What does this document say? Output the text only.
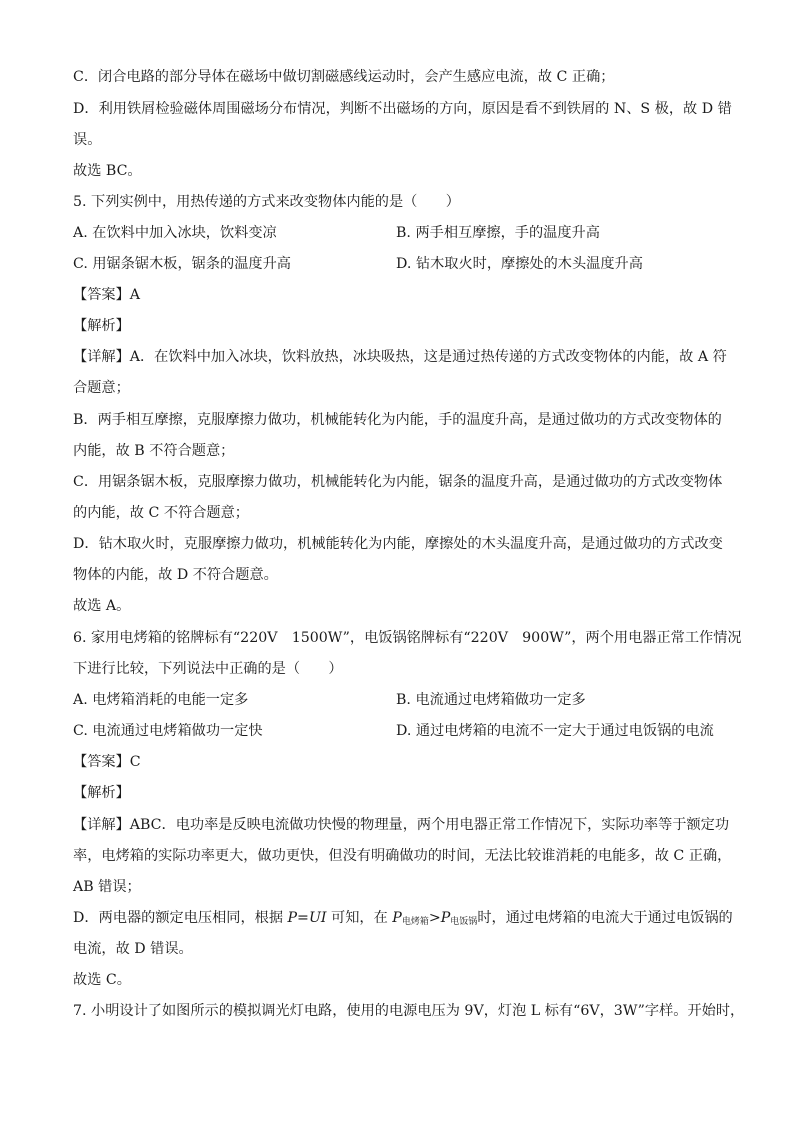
C．闭合电路的部分导体在磁场中做切割磁感线运动时，会产生感应电流，故 C 正确；
D．利用铁屑检验磁体周围磁场分布情况，判断不出磁场的方向，原因是看不到铁屑的 N、S 极，故 D 错
误。
故选 BC。
5. 下列实例中，用热传递的方式来改变物体内能的是（　　）
A. 在饮料中加入冰块，饮料变凉	B. 两手相互摩擦，手的温度升高
C. 用锯条锯木板，锯条的温度升高	D. 钻木取火时，摩擦处的木头温度升高
【答案】A
【解析】
【详解】A．在饮料中加入冰块，饮料放热，冰块吸热，这是通过热传递的方式改变物体的内能，故 A 符
合题意；
B．两手相互摩擦，克服摩擦力做功，机械能转化为内能，手的温度升高，是通过做功的方式改变物体的
内能，故 B 不符合题意；
C．用锯条锯木板，克服摩擦力做功，机械能转化为内能，锯条的温度升高，是通过做功的方式改变物体
的内能，故 C 不符合题意；
D．钻木取火时，克服摩擦力做功，机械能转化为内能，摩擦处的木头温度升高，是通过做功的方式改变
物体的内能，故 D 不符合题意。
故选 A。
6. 家用电烤箱的铭牌标有“220V　1500W”，电饭锅铭牌标有“220V　900W”，两个用电器正常工作情况
下进行比较，下列说法中正确的是（　　）
A. 电烤箱消耗的电能一定多	B. 电流通过电烤箱做功一定多
C. 电流通过电烤箱做功一定快	D. 通过电烤箱的电流不一定大于通过电饭锅的电流
【答案】C
【解析】
【详解】ABC．电功率是反映电流做功快慢的物理量，两个用电器正常工作情况下，实际功率等于额定功
率，电烤箱的实际功率更大，做功更快，但没有明确做功的时间，无法比较谁消耗的电能多，故 C 正确，
AB 错误；
D．两电器的额定电压相同，根据 P=UI 可知，在 $P_{电烤箱}>P_{电饭锅}$时，通过电烤箱的电流大于通过电饭锅的
电流，故 D 错误。
故选 C。
7. 小明设计了如图所示的模拟调光灯电路，使用的电源电压为 9V，灯泡 L 标有“6V，3W”字样。开始时，
